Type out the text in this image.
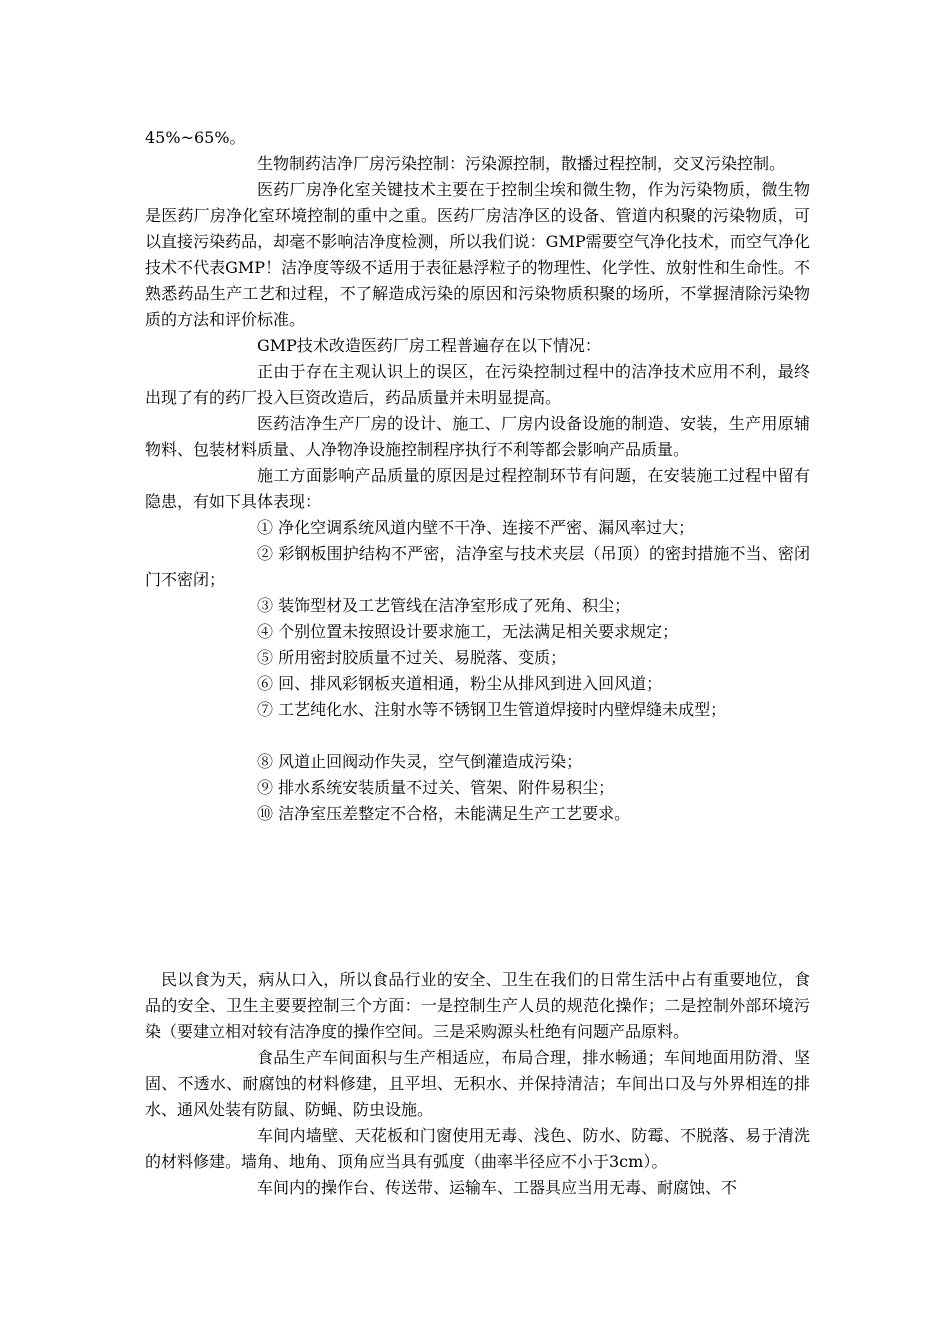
45%~65%。

生物制药洁净厂房污染控制：污染源控制，散播过程控制，交叉污染控制。

医药厂房净化室关键技术主要在于控制尘埃和微生物，作为污染物质，微生物是医药厂房净化室环境控制的重中之重。医药厂房洁净区的设备、管道内积聚的污染物质，可以直接污染药品，却毫不影响洁净度检测，所以我们说：GMP需要空气净化技术，而空气净化技术不代表GMP！洁净度等级不适用于表征悬浮粒子的物理性、化学性、放射性和生命性。不熟悉药品生产工艺和过程，不了解造成污染的原因和污染物质积聚的场所，不掌握清除污染物质的方法和评价标准。

GMP技术改造医药厂房工程普遍存在以下情况：

正由于存在主观认识上的误区，在污染控制过程中的洁净技术应用不利，最终出现了有的药厂投入巨资改造后，药品质量并未明显提高。

医药洁净生产厂房的设计、施工、厂房内设备设施的制造、安装，生产用原辅物料、包装材料质量、人净物净设施控制程序执行不利等都会影响产品质量。

施工方面影响产品质量的原因是过程控制环节有问题，在安装施工过程中留有隐患，有如下具体表现：

① 净化空调系统风道内壁不干净、连接不严密、漏风率过大；

② 彩钢板围护结构不严密，洁净室与技术夹层（吊顶）的密封措施不当、密闭门不密闭；

③ 装饰型材及工艺管线在洁净室形成了死角、积尘；

④ 个别位置未按照设计要求施工，无法满足相关要求规定；

⑤ 所用密封胶质量不过关、易脱落、变质；

⑥ 回、排风彩钢板夹道相通，粉尘从排风到进入回风道；

⑦ 工艺纯化水、注射水等不锈钢卫生管道焊接时内壁焊缝未成型；

⑧ 风道止回阀动作失灵，空气倒灌造成污染；

⑨ 排水系统安装质量不过关、管架、附件易积尘；

⑩ 洁净室压差整定不合格，未能满足生产工艺要求。

民以食为天，病从口入，所以食品行业的安全、卫生在我们的日常生活中占有重要地位，食品的安全、卫生主要要控制三个方面：一是控制生产人员的规范化操作；二是控制外部环境污染（要建立相对较有洁净度的操作空间。三是采购源头杜绝有问题产品原料。

食品生产车间面积与生产相适应，布局合理，排水畅通；车间地面用防滑、坚固、不透水、耐腐蚀的材料修建，且平坦、无积水、并保持清洁；车间出口及与外界相连的排水、通风处装有防鼠、防蝇、防虫设施。

车间内墙壁、天花板和门窗使用无毒、浅色、防水、防霉、不脱落、易于清洗的材料修建。墙角、地角、顶角应当具有弧度（曲率半径应不小于3cm）。

车间内的操作台、传送带、运输车、工器具应当用无毒、耐腐蚀、不
